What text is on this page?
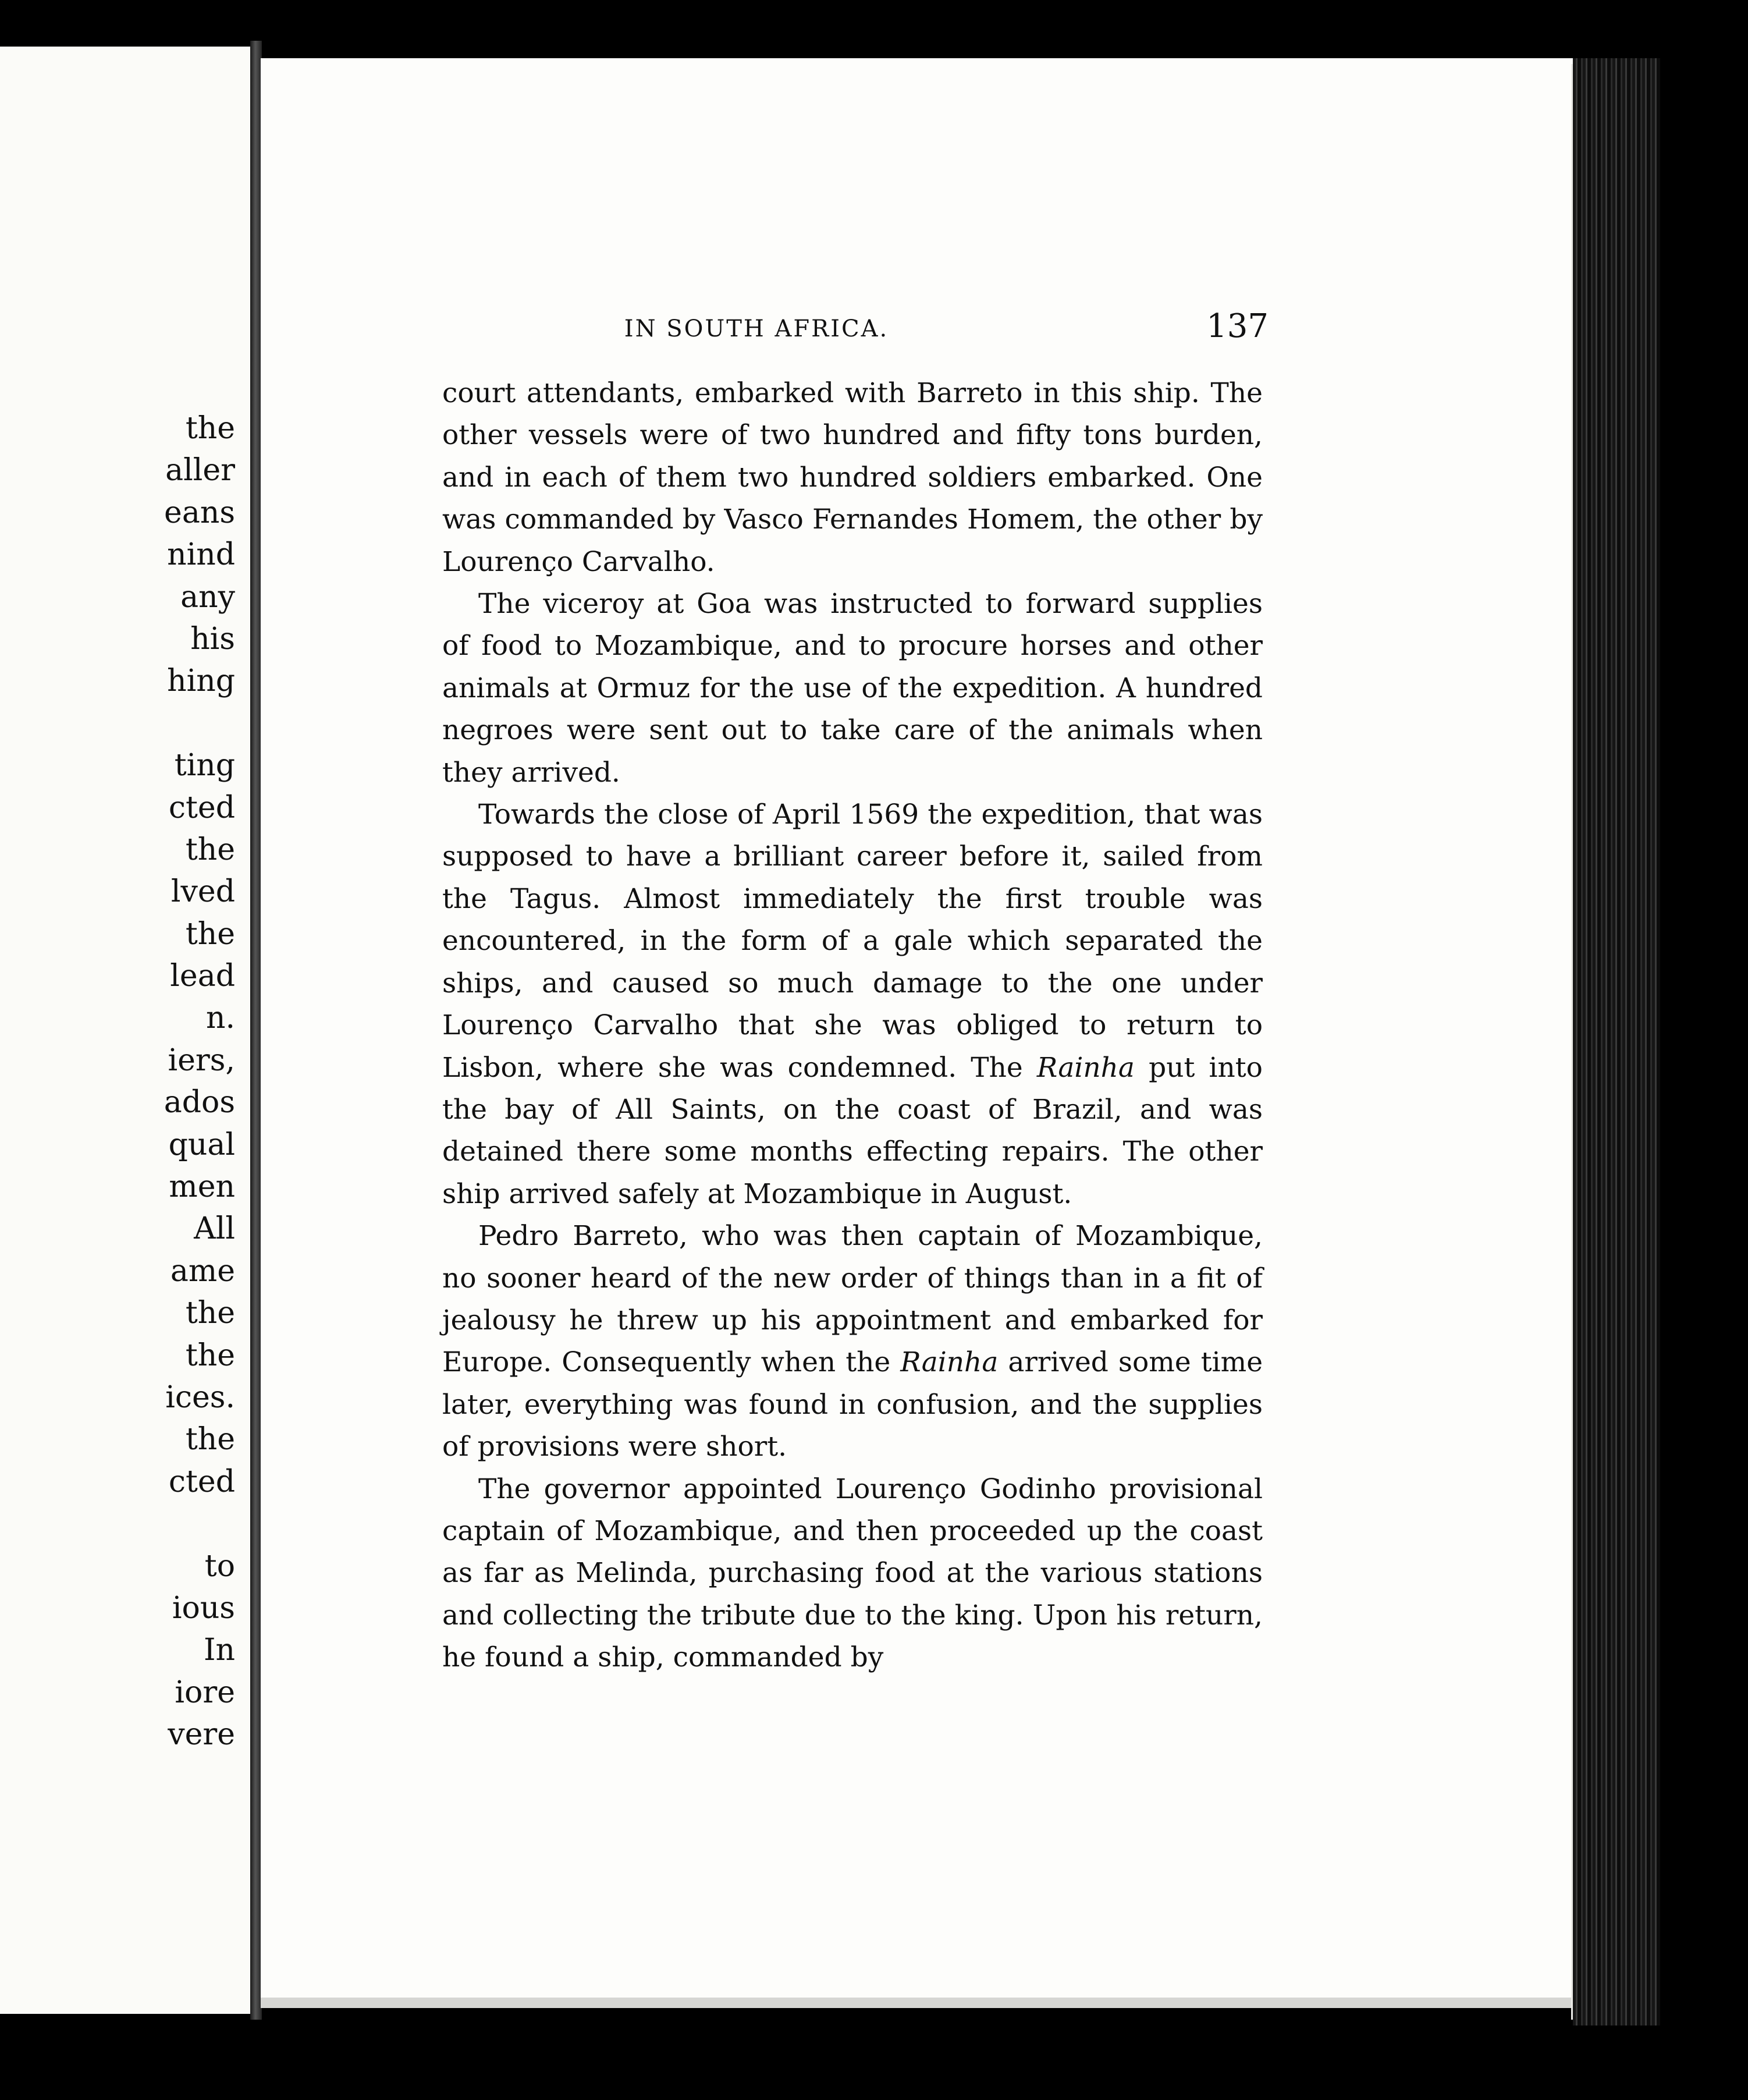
the
aller
eans
nind
any
his
hing
ting
cted
the
lved
the
lead
n.
iers,
ados
qual
men
All
ame
the
the
ices.
the
cted
to
ious
In
iore
vere
IN SOUTH AFRICA.	137

court attendants, embarked with Barreto in this ship. The other vessels were of two hundred and fifty tons burden, and in each of them two hundred soldiers embarked. One was commanded by Vasco Fernandes Homem, the other by Lourenço Carvalho.

The viceroy at Goa was instructed to forward supplies of food to Mozambique, and to procure horses and other animals at Ormuz for the use of the expedition. A hundred negroes were sent out to take care of the animals when they arrived.

Towards the close of April 1569 the expedition, that was supposed to have a brilliant career before it, sailed from the Tagus. Almost immediately the first trouble was encountered, in the form of a gale which separated the ships, and caused so much damage to the one under Lourenço Carvalho that she was obliged to return to Lisbon, where she was condemned. The Rainha put into the bay of All Saints, on the coast of Brazil, and was detained there some months effecting repairs. The other ship arrived safely at Mozambique in August.

Pedro Barreto, who was then captain of Mozambique, no sooner heard of the new order of things than in a fit of jealousy he threw up his appointment and embarked for Europe. Consequently when the Rainha arrived some time later, everything was found in confusion, and the supplies of provisions were short.

The governor appointed Lourenço Godinho provisional captain of Mozambique, and then proceeded up the coast as far as Melinda, purchasing food at the various stations and collecting the tribute due to the king. Upon his return, he found a ship, commanded by
